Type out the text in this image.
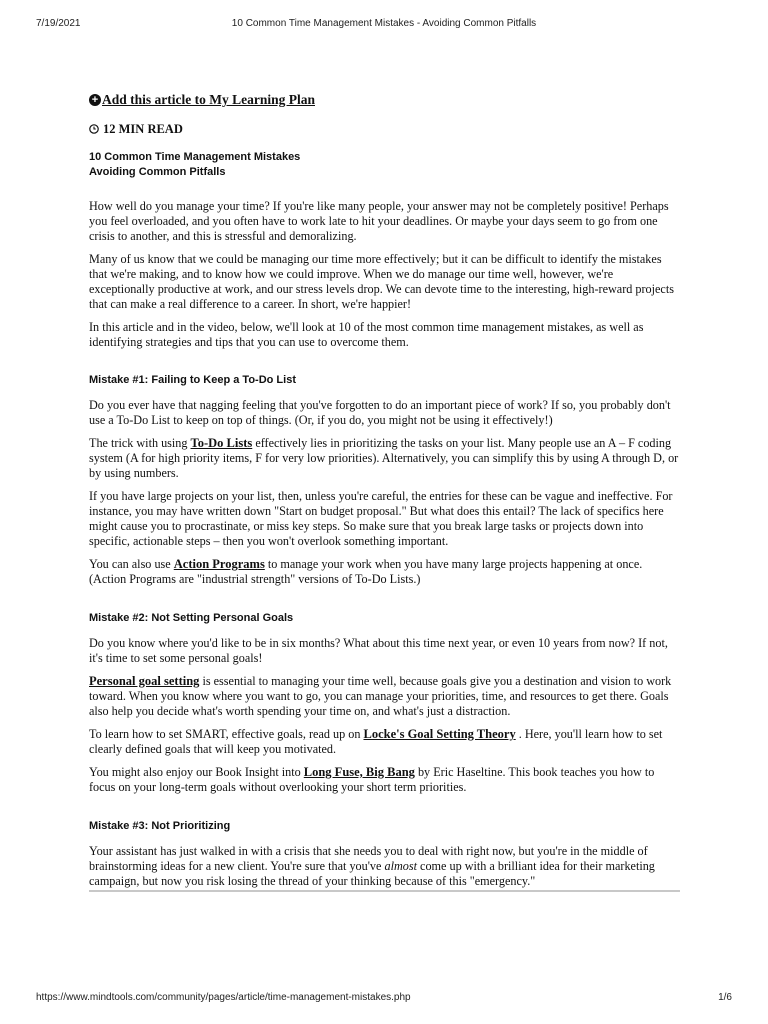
7/19/2021	10 Common Time Management Mistakes - Avoiding Common Pitfalls
+ Add this article to My Learning Plan
12 MIN READ
10 Common Time Management Mistakes
Avoiding Common Pitfalls

How well do you manage your time? If you're like many people, your answer may not be completely positive! Perhaps you feel overloaded, and you often have to work late to hit your deadlines. Or maybe your days seem to go from one crisis to another, and this is stressful and demoralizing.

Many of us know that we could be managing our time more effectively; but it can be difficult to identify the mistakes that we're making, and to know how we could improve. When we do manage our time well, however, we're exceptionally productive at work, and our stress levels drop. We can devote time to the interesting, high-reward projects that can make a real difference to a career. In short, we're happier!

In this article and in the video, below, we'll look at 10 of the most common time management mistakes, as well as identifying strategies and tips that you can use to overcome them.

Mistake #1: Failing to Keep a To-Do List

Do you ever have that nagging feeling that you've forgotten to do an important piece of work? If so, you probably don't use a To-Do List to keep on top of things. (Or, if you do, you might not be using it effectively!)

The trick with using To-Do Lists effectively lies in prioritizing the tasks on your list. Many people use an A – F coding system (A for high priority items, F for very low priorities). Alternatively, you can simplify this by using A through D, or by using numbers.

If you have large projects on your list, then, unless you're careful, the entries for these can be vague and ineffective. For instance, you may have written down "Start on budget proposal." But what does this entail? The lack of specifics here might cause you to procrastinate, or miss key steps. So make sure that you break large tasks or projects down into specific, actionable steps – then you won't overlook something important.

You can also use Action Programs to manage your work when you have many large projects happening at once. (Action Programs are "industrial strength" versions of To-Do Lists.)

Mistake #2: Not Setting Personal Goals

Do you know where you'd like to be in six months? What about this time next year, or even 10 years from now? If not, it's time to set some personal goals!

Personal goal setting is essential to managing your time well, because goals give you a destination and vision to work toward. When you know where you want to go, you can manage your priorities, time, and resources to get there. Goals also help you decide what's worth spending your time on, and what's just a distraction.

To learn how to set SMART, effective goals, read up on Locke's Goal Setting Theory . Here, you'll learn how to set clearly defined goals that will keep you motivated.

You might also enjoy our Book Insight into Long Fuse, Big Bang by Eric Haseltine. This book teaches you how to focus on your long-term goals without overlooking your short term priorities.

Mistake #3: Not Prioritizing

Your assistant has just walked in with a crisis that she needs you to deal with right now, but you're in the middle of brainstorming ideas for a new client. You're sure that you've almost come up with a brilliant idea for their marketing campaign, but now you risk losing the thread of your thinking because of this "emergency."

https://www.mindtools.com/community/pages/article/time-management-mistakes.php	1/6
